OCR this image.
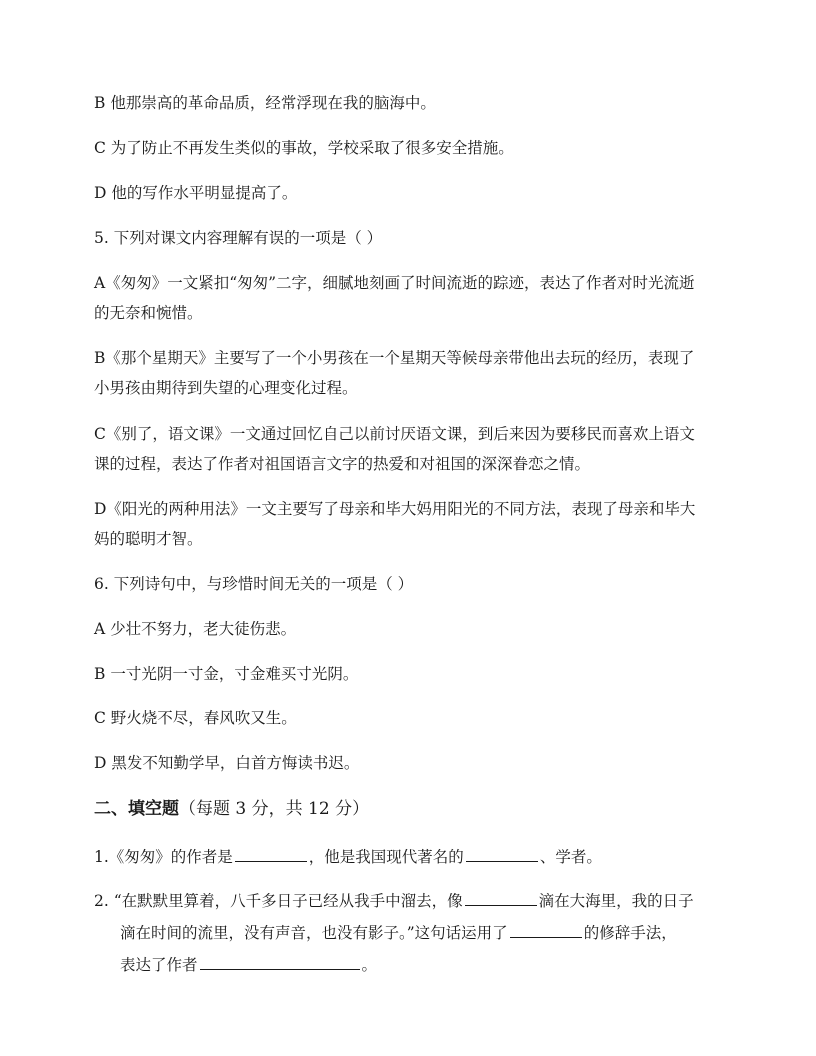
B 他那崇高的革命品质，经常浮现在我的脑海中。
C 为了防止不再发生类似的事故，学校采取了很多安全措施。
D 他的写作水平明显提高了。
5. 下列对课文内容理解有误的一项是（ ）
A《匆匆》一文紧扣“匆匆”二字，细腻地刻画了时间流逝的踪迹，表达了作者对时光流逝
的无奈和惋惜。
B《那个星期天》主要写了一个小男孩在一个星期天等候母亲带他出去玩的经历，表现了
小男孩由期待到失望的心理变化过程。
C《别了，语文课》一文通过回忆自己以前讨厌语文课，到后来因为要移民而喜欢上语文
课的过程，表达了作者对祖国语言文字的热爱和对祖国的深深眷恋之情。
D《阳光的两种用法》一文主要写了母亲和毕大妈用阳光的不同方法，表现了母亲和毕大
妈的聪明才智。
6. 下列诗句中，与珍惜时间无关的一项是（ ）
A 少壮不努力，老大徒伤悲。
B 一寸光阴一寸金，寸金难买寸光阴。
C 野火烧不尽，春风吹又生。
D 黑发不知勤学早，白首方悔读书迟。
二、填空题（每题 3 分，共 12 分）
1.《匆匆》的作者是	，他是我国现代著名的	、学者。
2. “在默默里算着，八千多日子已经从我手中溜去，像	滴在大海里，我的日子
滴在时间的流里，没有声音，也没有影子。”这句话运用了	的修辞手法，
表达了作者	。
